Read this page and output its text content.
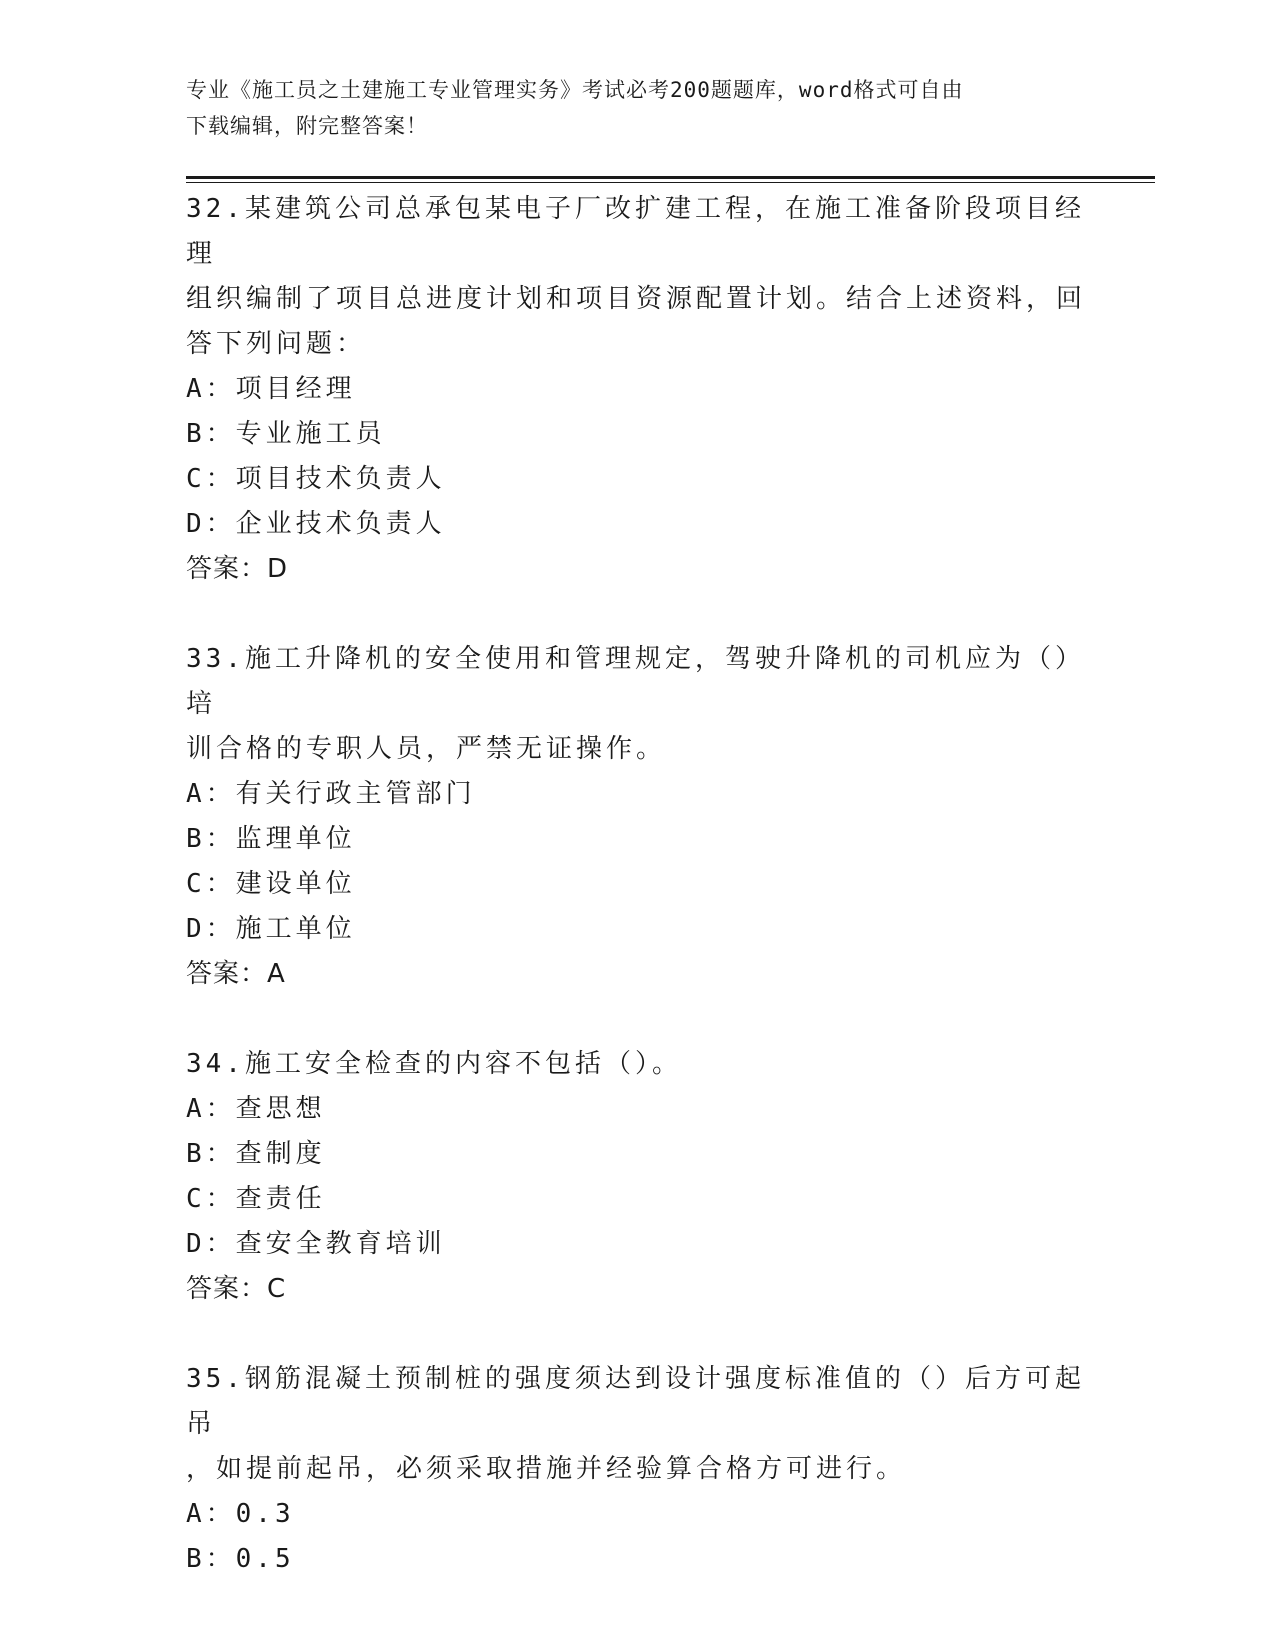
专业《施工员之土建施工专业管理实务》考试必考200题题库，word格式可自由
下载编辑，附完整答案！
32.某建筑公司总承包某电子厂改扩建工程，在施工准备阶段项目经理
组织编制了项目总进度计划和项目资源配置计划。结合上述资料，回
答下列问题：
A：项目经理
B：专业施工员
C：项目技术负责人
D：企业技术负责人
答案：D
33.施工升降机的安全使用和管理规定，驾驶升降机的司机应为（）培
训合格的专职人员，严禁无证操作。
A：有关行政主管部门
B：监理单位
C：建设单位
D：施工单位
答案：A
34.施工安全检查的内容不包括（）。
A：查思想
B：查制度
C：查责任
D：查安全教育培训
答案：C
35.钢筋混凝土预制桩的强度须达到设计强度标准值的（）后方可起吊
，如提前起吊，必须采取措施并经验算合格方可进行。
A：0.3
B：0.5
